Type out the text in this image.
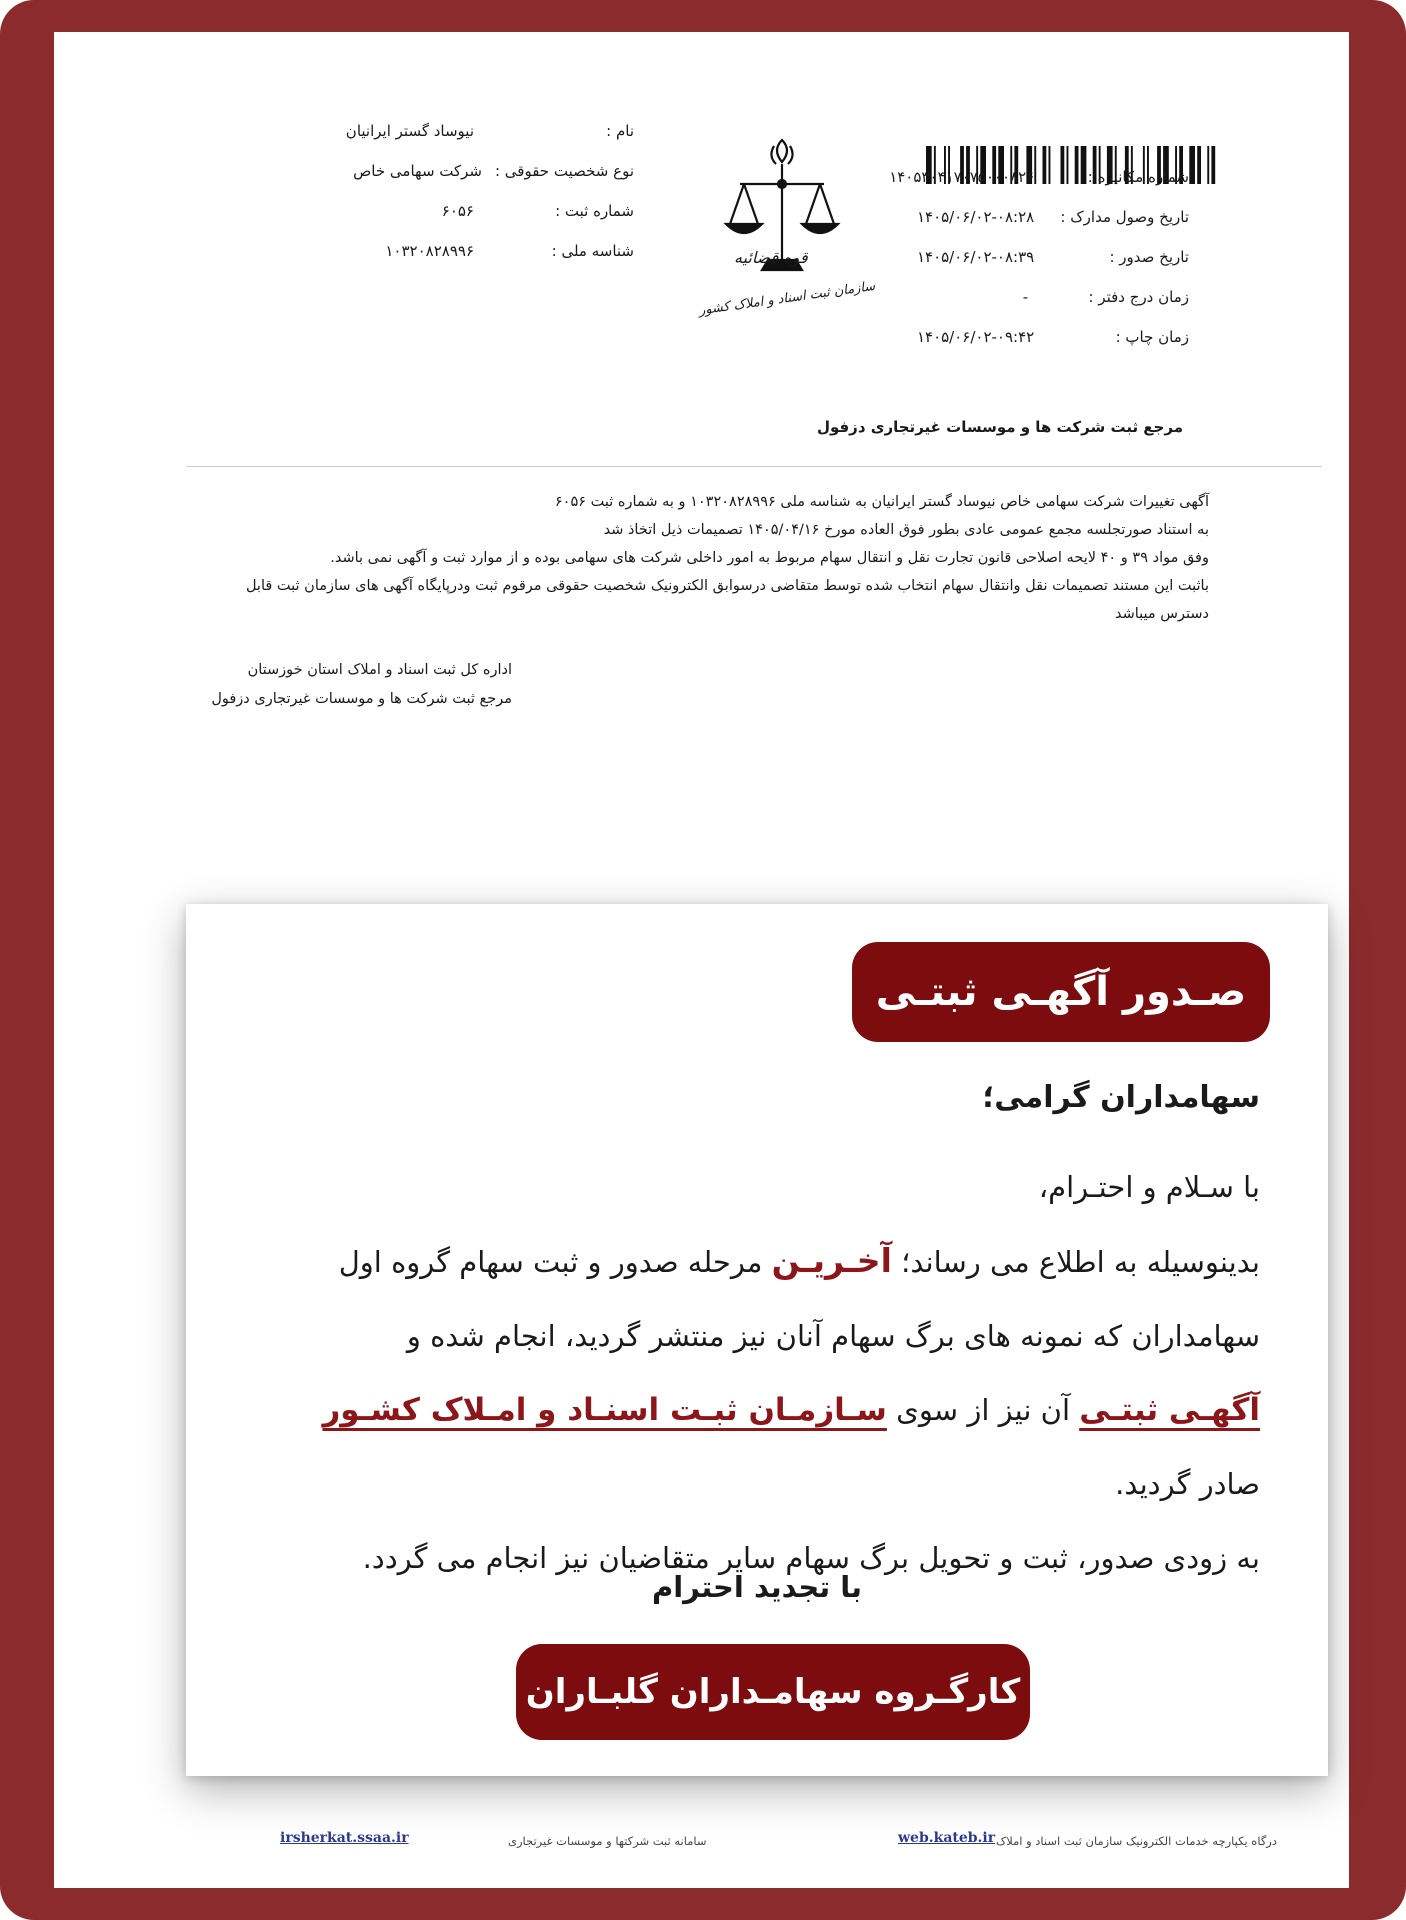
شماره مکانیزه : ۱۴۰۵۳۰۴۱۷۰۷۵۰۰۰۸۲۶
تاریخ وصول مدارک : ۱۴۰۵/۰۶/۰۲-۰۸:۲۸
تاریخ صدور : ۱۴۰۵/۰۶/۰۲-۰۸:۳۹
زمان درج دفتر : -
زمان چاپ : ۱۴۰۵/۰۶/۰۲-۰۹:۴۲
قوه قضائیه
سازمان ثبت اسناد و املاک کشور
نام :
نیوساد گستر ایرانیان
نوع شخصیت حقوقی :
شرکت سهامی خاص
شماره ثبت :
۶۰۵۶
شناسه ملی :
۱۰۳۲۰۸۲۸۹۹۶
مرجع ثبت شرکت ها و موسسات غیرتجاری دزفول

آگهی تغییرات شرکت سهامی خاص نیوساد گستر ایرانیان به شناسه ملی ۱۰۳۲۰۸۲۸۹۹۶ و به شماره ثبت ۶۰۵۶

به استناد صورتجلسه مجمع عمومی عادی بطور فوق العاده مورخ ۱۴۰۵/۰۴/۱۶ تصمیمات ذیل اتخاذ شد

وفق مواد ۳۹ و ۴۰ لایحه اصلاحی قانون تجارت نقل و انتقال سهام مربوط به امور داخلی شرکت های سهامی بوده و از موارد ثبت و آگهی نمی باشد.

باثبت این مستند تصمیمات نقل وانتقال سهام انتخاب شده توسط متقاضی درسوابق الکترونیک شخصیت حقوقی مرقوم ثبت ودرپایگاه آگهی های سازمان ثبت قابل

دسترس میباشد

اداره کل ثبت اسناد و املاک استان خوزستان
مرجع ثبت شرکت ها و موسسات غیرتجاری دزفول
صـدور آگهـی ثبتـی
سهامداران گرامی؛
با سـلام و احتـرام،
بدینوسیله به اطلاع می رساند؛ آخـریـن مرحله صدور و ثبت سهام گروه اول
سهامداران که نمونه های برگ سهام آنان نیز منتشر گردید، انجام شده و
آگهـی ثبتـی آن نیز از سوی سـازمـان ثبـت اسنـاد و امـلاک کشـور
صادر گردید.
به زودی صدور، ثبت و تحویل برگ سهام سایر متقاضیان نیز انجام می گردد.
با تجدید احترام
کارگـروه سهامـداران گلبـاران
درگاه یکپارچه خدمات الکترونیک سازمان ثبت اسناد و املاک
web.kateb.ir
سامانه ثبت شرکتها و موسسات غیرتجاری
irsherkat.ssaa.ir
